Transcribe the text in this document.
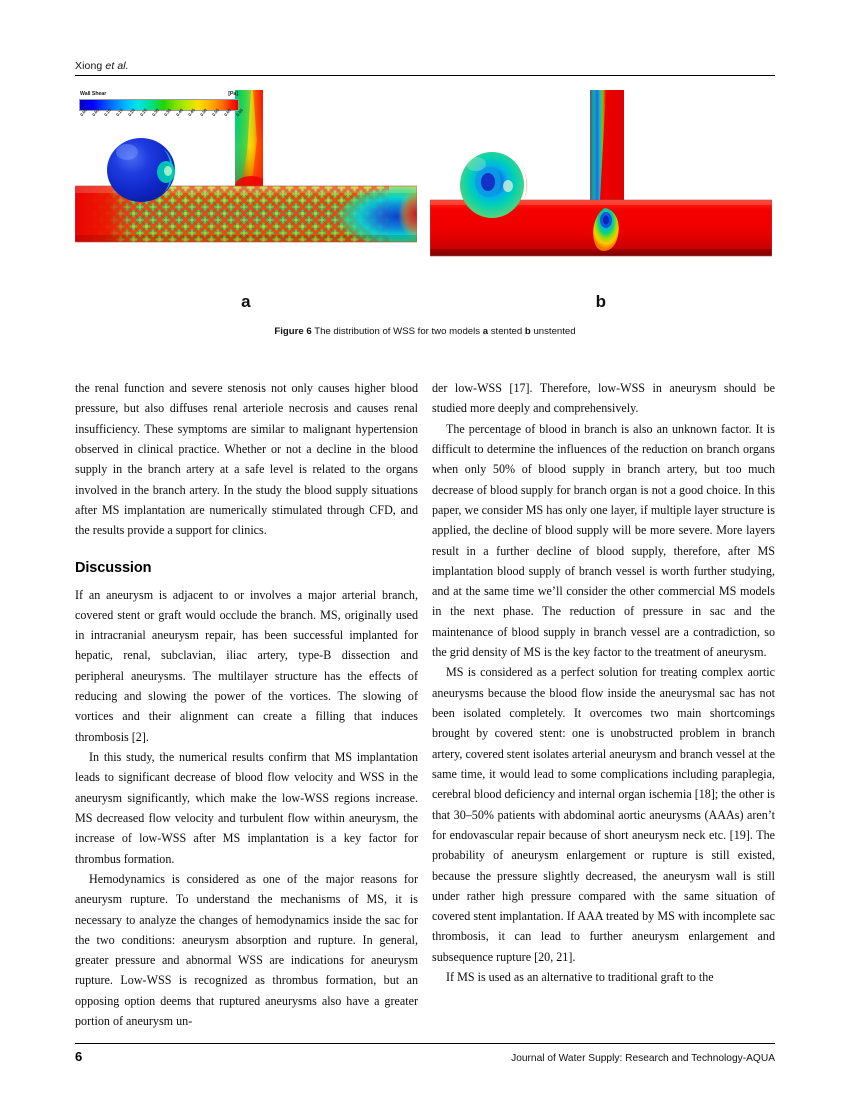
Xiong et al.
Wall Shear	[Pa]
0.00 0.05 0.10 0.15 0.20 0.25 0.30 0.35 0.40 0.45 0.50 0.55 0.60 0.65
a	b
Figure 6 The distribution of WSS for two models a stented b unstented

the renal function and severe stenosis not only causes higher blood pressure, but also diffuses renal arteriole necrosis and causes renal insufficiency. These symptoms are similar to malignant hypertension observed in clinical practice. Whether or not a decline in the blood supply in the branch artery at a safe level is related to the organs involved in the branch artery. In the study the blood supply situations after MS implantation are numerically stimulated through CFD, and the results provide a support for clinics.

Discussion

If an aneurysm is adjacent to or involves a major arterial branch, covered stent or graft would occlude the branch. MS, originally used in intracranial aneurysm repair, has been successful implanted for hepatic, renal, subclavian, iliac artery, type-B dissection and peripheral aneurysms. The multilayer structure has the effects of reducing and slowing the power of the vortices. The slowing of vortices and their alignment can create a filling that induces thrombosis [2].

In this study, the numerical results confirm that MS implantation leads to significant decrease of blood flow velocity and WSS in the aneurysm significantly, which make the low-WSS regions increase. MS decreased flow velocity and turbulent flow within aneurysm, the increase of low-WSS after MS implantation is a key factor for thrombus formation.

Hemodynamics is considered as one of the major reasons for aneurysm rupture. To understand the mechanisms of MS, it is necessary to analyze the changes of hemodynamics inside the sac for the two conditions: aneurysm absorption and rupture. In general, greater pressure and abnormal WSS are indications for aneurysm rupture. Low-WSS is recognized as thrombus formation, but an opposing option deems that ruptured aneurysms also have a greater portion of aneurysm un-

der low-WSS [17]. Therefore, low-WSS in aneurysm should be studied more deeply and comprehensively.

The percentage of blood in branch is also an unknown factor. It is difficult to determine the influences of the reduction on branch organs when only 50% of blood supply in branch artery, but too much decrease of blood supply for branch organ is not a good choice. In this paper, we consider MS has only one layer, if multiple layer structure is applied, the decline of blood supply will be more severe. More layers result in a further decline of blood supply, therefore, after MS implantation blood supply of branch vessel is worth further studying, and at the same time we’ll consider the other commercial MS models in the next phase. The reduction of pressure in sac and the maintenance of blood supply in branch vessel are a contradiction, so the grid density of MS is the key factor to the treatment of aneurysm.

MS is considered as a perfect solution for treating complex aortic aneurysms because the blood flow inside the aneurysmal sac has not been isolated completely. It overcomes two main shortcomings brought by covered stent: one is unobstructed problem in branch artery, covered stent isolates arterial aneurysm and branch vessel at the same time, it would lead to some complications including paraplegia, cerebral blood deficiency and internal organ ischemia [18]; the other is that 30–50% patients with abdominal aortic aneurysms (AAAs) aren’t for endovascular repair because of short aneurysm neck etc. [19]. The probability of aneurysm enlargement or rupture is still existed, because the pressure slightly decreased, the aneurysm wall is still under rather high pressure compared with the same situation of covered stent implantation. If AAA treated by MS with incomplete sac thrombosis, it can lead to further aneurysm enlargement and subsequence rupture [20, 21].

If MS is used as an alternative to traditional graft to the

6	Journal of Water Supply: Research and Technology-AQUA
